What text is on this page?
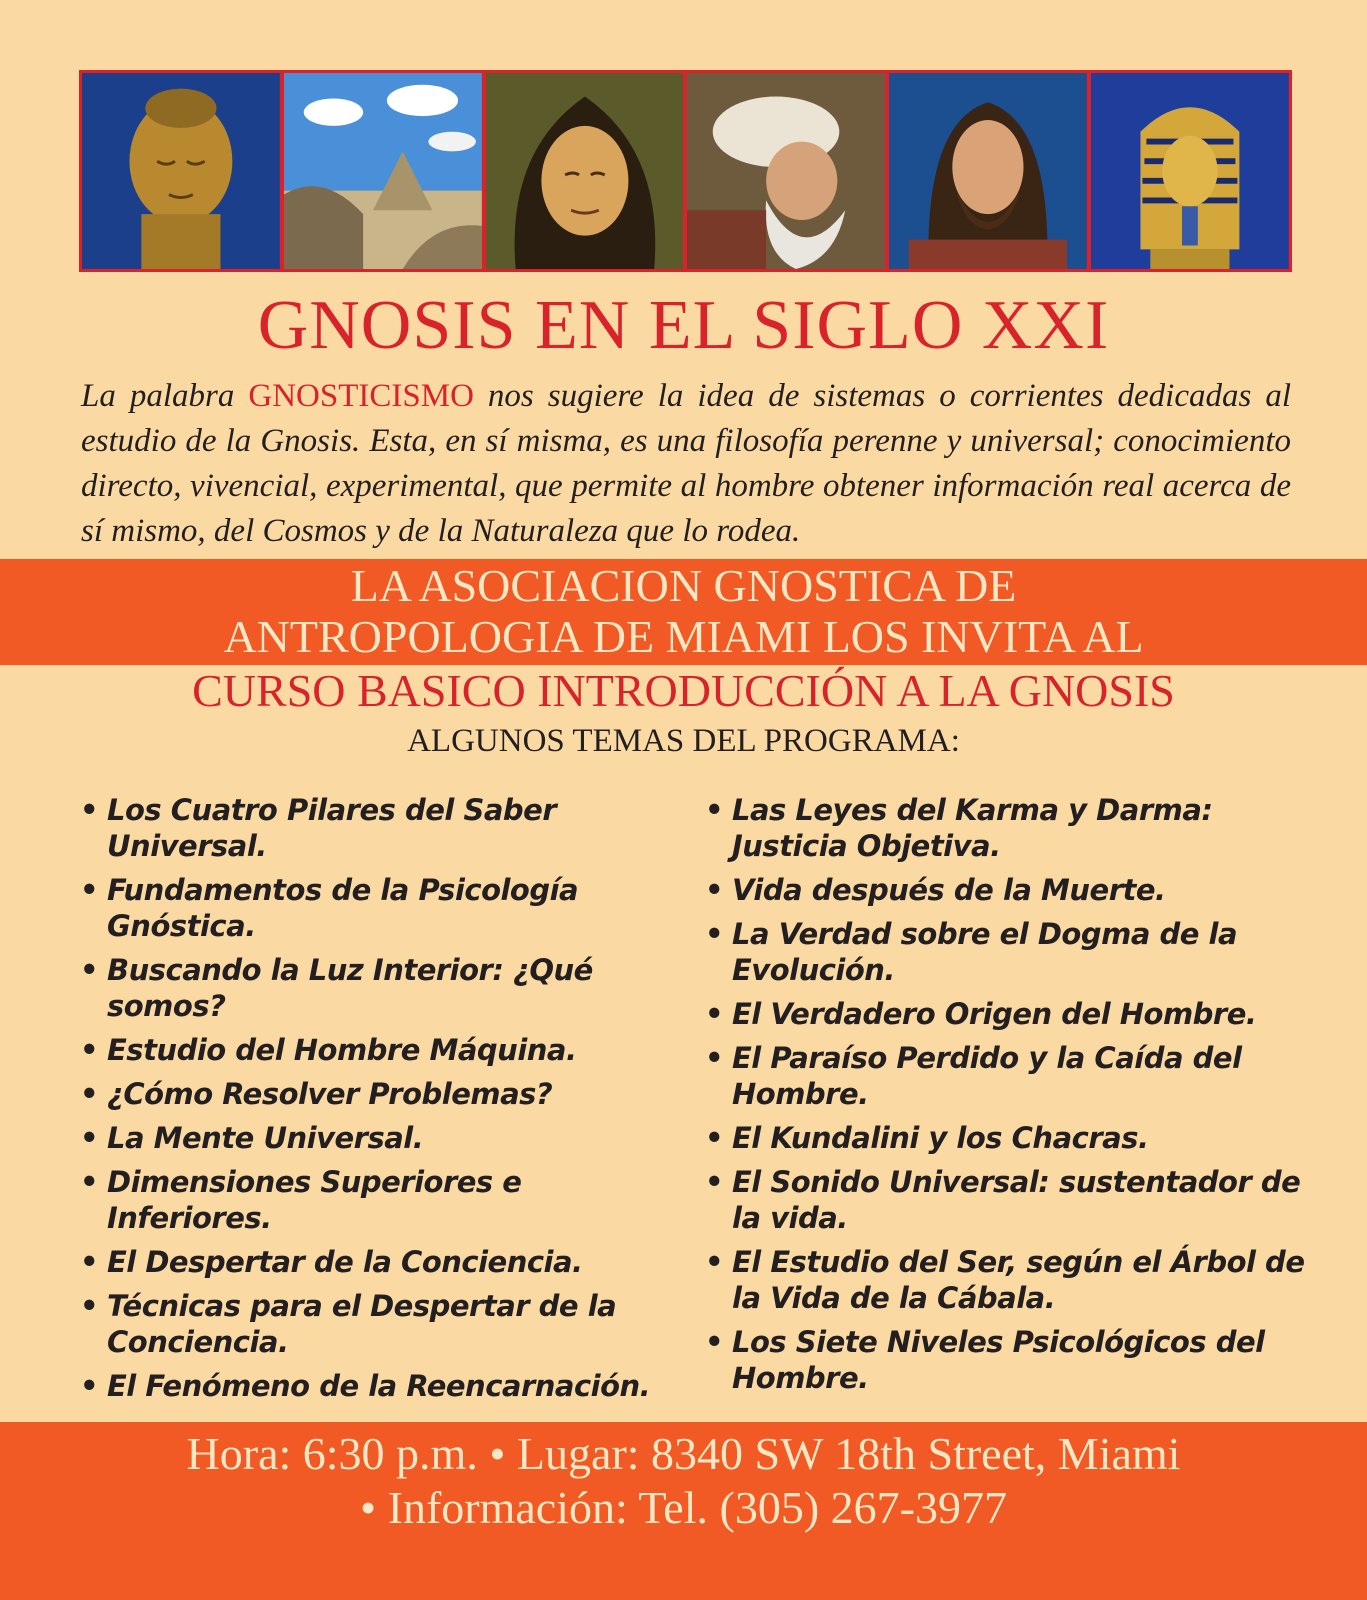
GNOSIS EN EL SIGLO XXI

La palabra GNOSTICISMO nos sugiere la idea de sistemas o corrientes dedicadas al estudio de la Gnosis. Esta, en sí misma, es una filosofía perenne y universal; conocimiento directo, vivencial, experimental, que permite al hombre obtener información real acerca de sí mismo, del Cosmos y de la Naturaleza que lo rodea.

LA ASOCIACION GNOSTICA DE

ANTROPOLOGIA DE MIAMI LOS INVITA AL

CURSO BASICO INTRODUCCIÓN A LA GNOSIS

ALGUNOS TEMAS DEL PROGRAMA:

• Los Cuatro Pilares del Saber Universal.
• Fundamentos de la Psicología Gnóstica.
• Buscando la Luz Interior: ¿Qué somos?
• Estudio del Hombre Máquina.
• ¿Cómo Resolver Problemas?
• La Mente Universal.
• Dimensiones Superiores e Inferiores.
• El Despertar de la Conciencia.
• Técnicas para el Despertar de la Conciencia.
• El Fenómeno de la Reencarnación.
• Las Leyes del Karma y Darma: Justicia Objetiva.
• Vida después de la Muerte.
• La Verdad sobre el Dogma de la Evolución.
• El Verdadero Origen del Hombre.
• El Paraíso Perdido y la Caída del Hombre.
• El Kundalini y los Chacras.
• El Sonido Universal: sustentador de la vida.
• El Estudio del Ser, según el Árbol de la Vida de la Cábala.
• Los Siete Niveles Psicológicos del Hombre.

Hora: 6:30 p.m. • Lugar: 8340 SW 18th Street, Miami

• Información: Tel. (305) 267-3977
